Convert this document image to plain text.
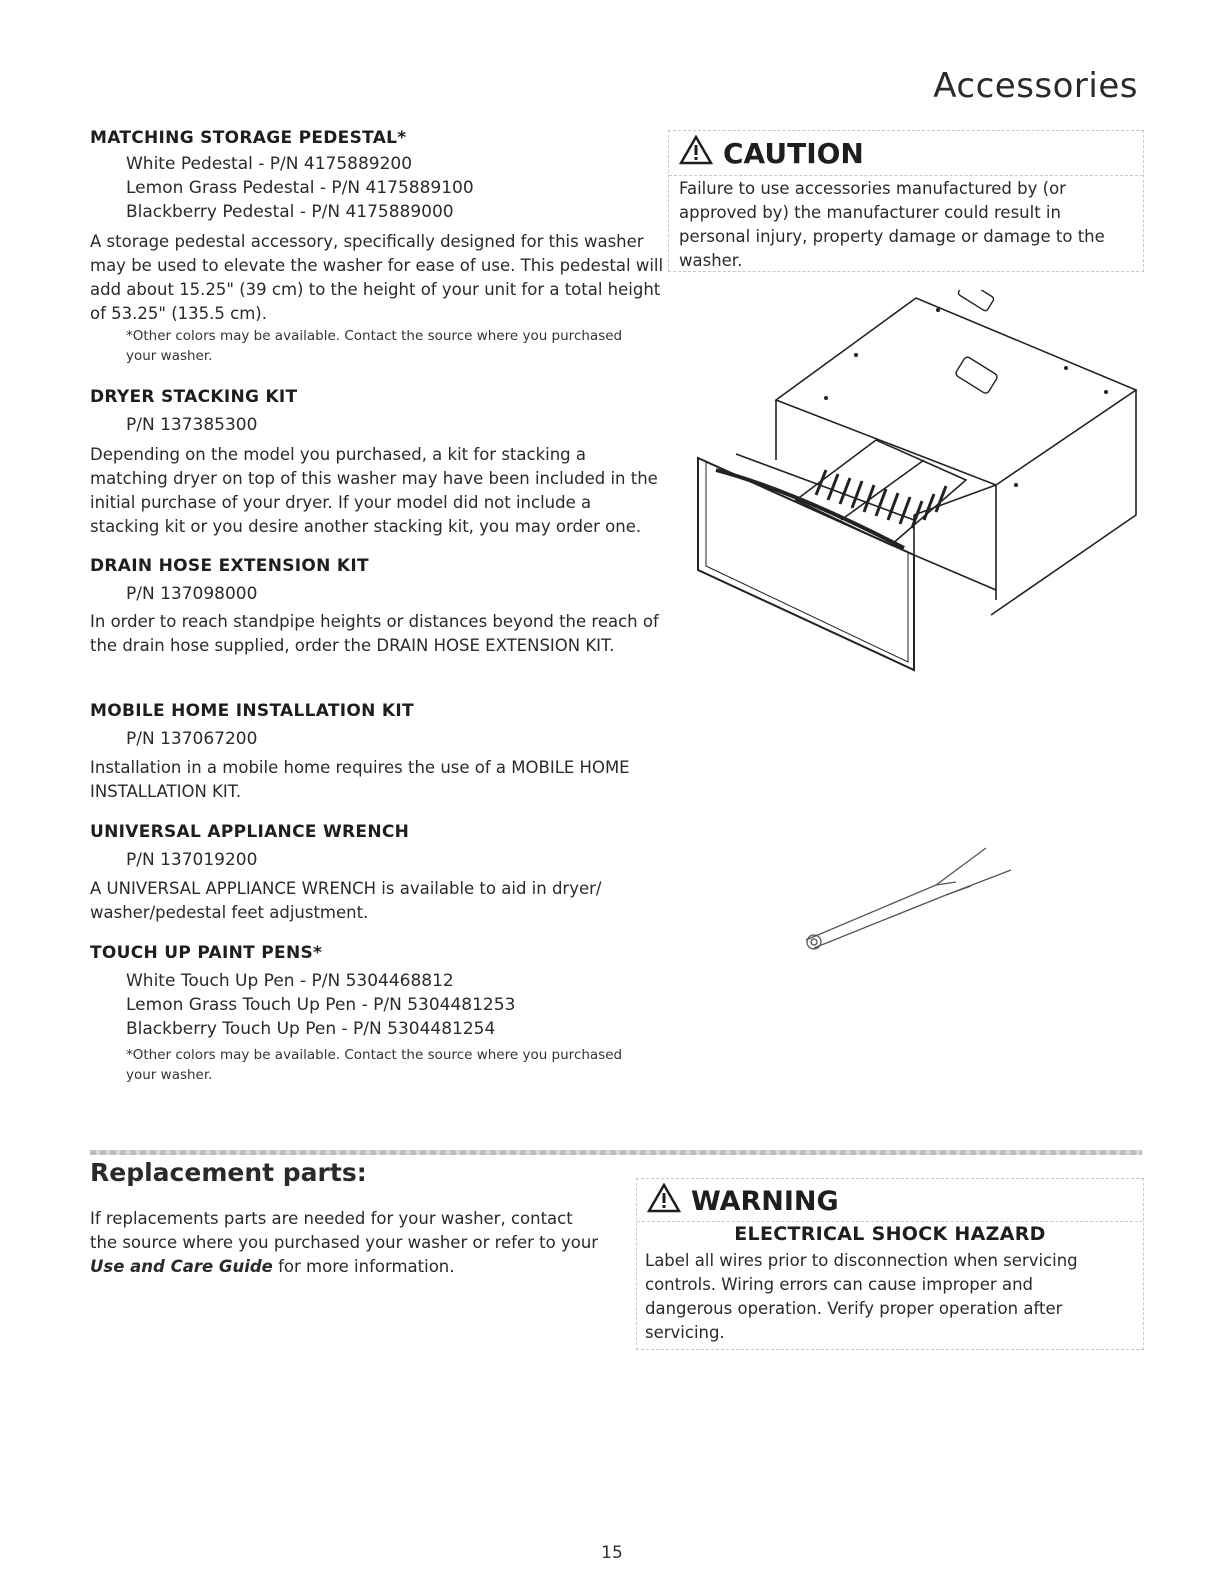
Accessories
MATCHING STORAGE PEDESTAL*
White Pedestal - P/N 4175889200
Lemon Grass Pedestal - P/N 4175889100
Blackberry Pedestal - P/N 4175889000
A storage pedestal accessory, specifically designed for this washer may be used to elevate the washer for ease of use. This pedestal will add about 15.25" (39 cm) to the height of your unit for a total height of 53.25" (135.5 cm).
*Other colors may be available. Contact the source where you purchased your washer.
DRYER STACKING KIT
P/N 137385300
Depending on the model you purchased, a kit for stacking a matching dryer on top of this washer may have been included in the initial purchase of your dryer. If your model did not include a stacking kit or you desire another stacking kit, you may order one.
DRAIN HOSE EXTENSION KIT
P/N 137098000
In order to reach standpipe heights or distances beyond the reach of the drain hose supplied, order the DRAIN HOSE EXTENSION KIT.
MOBILE HOME INSTALLATION KIT
P/N 137067200
Installation in a mobile home requires the use of a MOBILE HOME INSTALLATION KIT.
UNIVERSAL APPLIANCE WRENCH
P/N 137019200
A UNIVERSAL APPLIANCE WRENCH is available to aid in dryer/ washer/pedestal feet adjustment.
TOUCH UP PAINT PENS*
White Touch Up Pen - P/N 5304468812
Lemon Grass Touch Up Pen - P/N 5304481253
Blackberry Touch Up Pen - P/N 5304481254
*Other colors may be available. Contact the source where you purchased your washer.
CAUTION
Failure to use accessories manufactured by (or approved by) the manufacturer could result in personal injury, property damage or damage to the washer.
Replacement parts:
If replacements parts are needed for your washer, contact the source where you purchased your washer or refer to your Use and Care Guide for more information.
WARNING
ELECTRICAL SHOCK HAZARD
Label all wires prior to disconnection when servicing controls. Wiring errors can cause improper and dangerous operation. Verify proper operation after servicing.
15
